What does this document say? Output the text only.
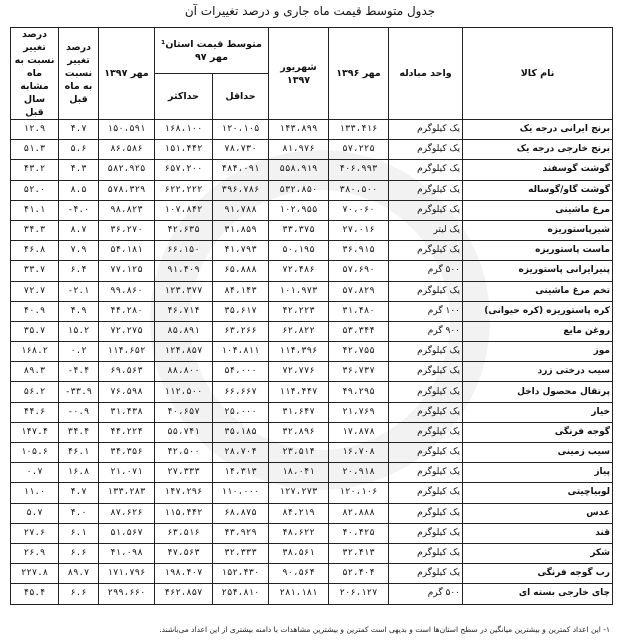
جدول متوسط قیمت ماه جاری و درصد تغییرات آن
نام کالا	واحد مبادله	مهر ۱۳۹۶	شهریور ۱۳۹۷	متوسط قیمت استان¹ مهر ۹۷		مهر ۱۳۹۷	درصد تغییر نسبت به ماه قبل	درصد تغییر نسبت به ماه مشابه سال قبل
				حداقل	حداکثر			
برنج ایرانی درجه یک	یک کیلوگرم	۱۳۳،۴۱۶	۱۴۳،۸۹۹	۱۲۰،۱۰۵	۱۶۸،۱۰۰	۱۵۰،۵۹۱	۴.۷	۱۲.۹
برنج خارجی درجه یک	یک کیلوگرم	۵۷،۲۲۵	۸۱،۹۷۶	۷۸،۷۳۰	۱۵۱،۴۴۲	۸۶،۵۸۶	۵.۶	۵۱.۳
گوشت گوسفند	یک کیلوگرم	۴۰۶،۹۹۳	۵۵۸،۹۱۹	۴۸۴،۰۹۱	۶۵۷،۲۰۰	۵۸۲،۹۲۵	۴.۳	۴۳.۲
گوشت گاو/گوساله	یک کیلوگرم	۳۸۰،۵۰۰	۵۳۲،۸۵۰	۳۹۶،۷۸۶	۶۲۲،۲۲۲	۵۷۸،۳۲۹	۸.۵	۵۲.۰
مرغ ماشینی	یک کیلوگرم	۷۰،۰۶۰	۱۰۲،۹۵۵	۹۱،۷۸۸	۱۰۷،۸۴۲	۹۸،۸۲۳	-۴.۰	۴۱.۱
شیرپاستوریزه	یک لیتر	۲۷،۰۱۶	۳۳،۳۷۵	۳۱،۸۵۹	۴۲،۶۳۵	۳۶،۲۷۰	۸.۷	۳۴.۳
ماست پاستوریزه	یک کیلوگرم	۳۶،۹۱۵	۵۰،۱۹۵	۴۱،۷۹۳	۶۶،۱۵۰	۵۴،۱۸۱	۷.۹	۴۶.۸
پنیرایرانی پاستوریزه	۵۰۰ گرم	۵۷،۶۹۰	۷۲،۴۸۶	۶۵،۸۸۸	۹۱،۴۰۹	۷۷،۱۲۵	۶.۴	۳۳.۷
تخم مرغ ماشینی	یک کیلوگرم	۵۷،۸۲۹	۱۰۱،۹۷۳	۸۴،۱۴۳	۱۲۳،۳۷۷	۹۹،۸۶۰	-۲.۱	۷۲.۷
کره پاستوریزه (کره حیوانی)	۱۰۰ گرم	۳۱،۴۸۰	۴۲،۲۲۳	۳۵،۶۱۷	۴۶،۷۱۴	۴۴،۲۸۰	۴.۹	۴۰.۹
روغن مایع	۹۰۰ گرم	۵۳،۳۴۴	۶۲،۸۲۲	۶۳،۲۶۶	۸۵،۸۹۱	۷۲،۲۷۵	۱۵.۲	۳۵.۷
موز	یک کیلوگرم	۴۲،۷۵۵	۱۱۴،۳۹۶	۱۰۴،۸۱۱	۱۲۴،۸۵۷	۱۱۴،۶۵۲	۰.۲	۱۶۸.۲
سیب درختی زرد	یک کیلوگرم	۳۶،۷۳۷	۷۲،۷۷۶	۵۴،۰۰۰	۸۸،۸۰۰	۶۹،۵۶۳	-۴.۴	۸۹.۳
پرتقال محصول داخل	یک کیلوگرم	۴۹،۲۹۵	۱۱۴،۴۴۷	۶۶،۶۶۷	۱۱۲،۵۰۰	۷۶،۵۹۸	-۳۳.۹	۵۶.۲
خیار	یک کیلوگرم	۲۱،۷۶۹	۳۱،۶۴۷	۲۵،۰۰۰	۴۰،۶۵۷	۳۱،۴۳۸	-۰.۹	۴۴.۶
گوجه فرنگی	یک کیلوگرم	۱۷،۸۷۸	۳۲،۸۹۶	۳۵،۱۸۵	۵۵،۷۴۱	۴۴،۲۲۴	۳۴.۴	۱۴۷.۴
سیب زمینی	یک کیلوگرم	۱۶،۷۰۸	۲۳،۵۱۴	۲۸،۷۰۴	۴۲،۵۰۰	۳۴،۳۵۶	۴۶.۱	۱۰۵.۶
پیاز	یک کیلوگرم	۲۰،۹۱۸	۱۸،۰۴۱	۱۴،۳۱۳	۲۷،۳۳۳	۲۱،۰۷۱	۱۶.۸	۰.۷
لوبیاچیتی	یک کیلوگرم	۱۲۰،۱۰۶	۱۲۷،۲۷۳	۱۱۰،۰۰۰	۱۴۷،۲۹۶	۱۳۳،۲۸۳	۴.۷	۱۱.۰
عدس	یک کیلوگرم	۸۲،۸۸۸	۸۴،۲۱۹	۶۸،۸۷۵	۱۱۵،۴۴۲	۸۷،۶۲۶	۴.۰	۵.۷
قند	یک کیلوگرم	۴۰،۴۲۵	۴۸،۶۲۲	۴۳،۹۲۹	۶۳،۵۱۶	۵۱،۵۶۷	۶.۱	۲۷.۶
شکر	یک کیلوگرم	۳۲،۴۱۳	۳۸،۵۶۱	۳۲،۳۳۳	۴۷،۵۶۳	۴۱،۰۹۸	۶.۶	۲۶.۹
رب گوجه فرنگی	یک کیلوگرم	۵۲،۴۰۴	۹۰،۵۶۴	۱۵۲،۴۳۰	۱۹۸،۴۰۷	۱۷۱،۷۹۶	۸۹.۷	۲۲۷.۸
چای خارجی بسته ای	۵۰۰ گرم	۲۰۶،۱۲۷	۲۸۱،۱۸۱	۲۵۴،۸۱۰	۴۶۲،۸۵۷	۲۹۹،۶۶۰	۶.۶	۴۵.۴
۱- این اعداد کمترین و بیشترین میانگین در سطح استان‌ها است و بدیهی است کمترین و بیشترین مشاهدات با دامنه بیشتری از این اعداد می‌باشند.
